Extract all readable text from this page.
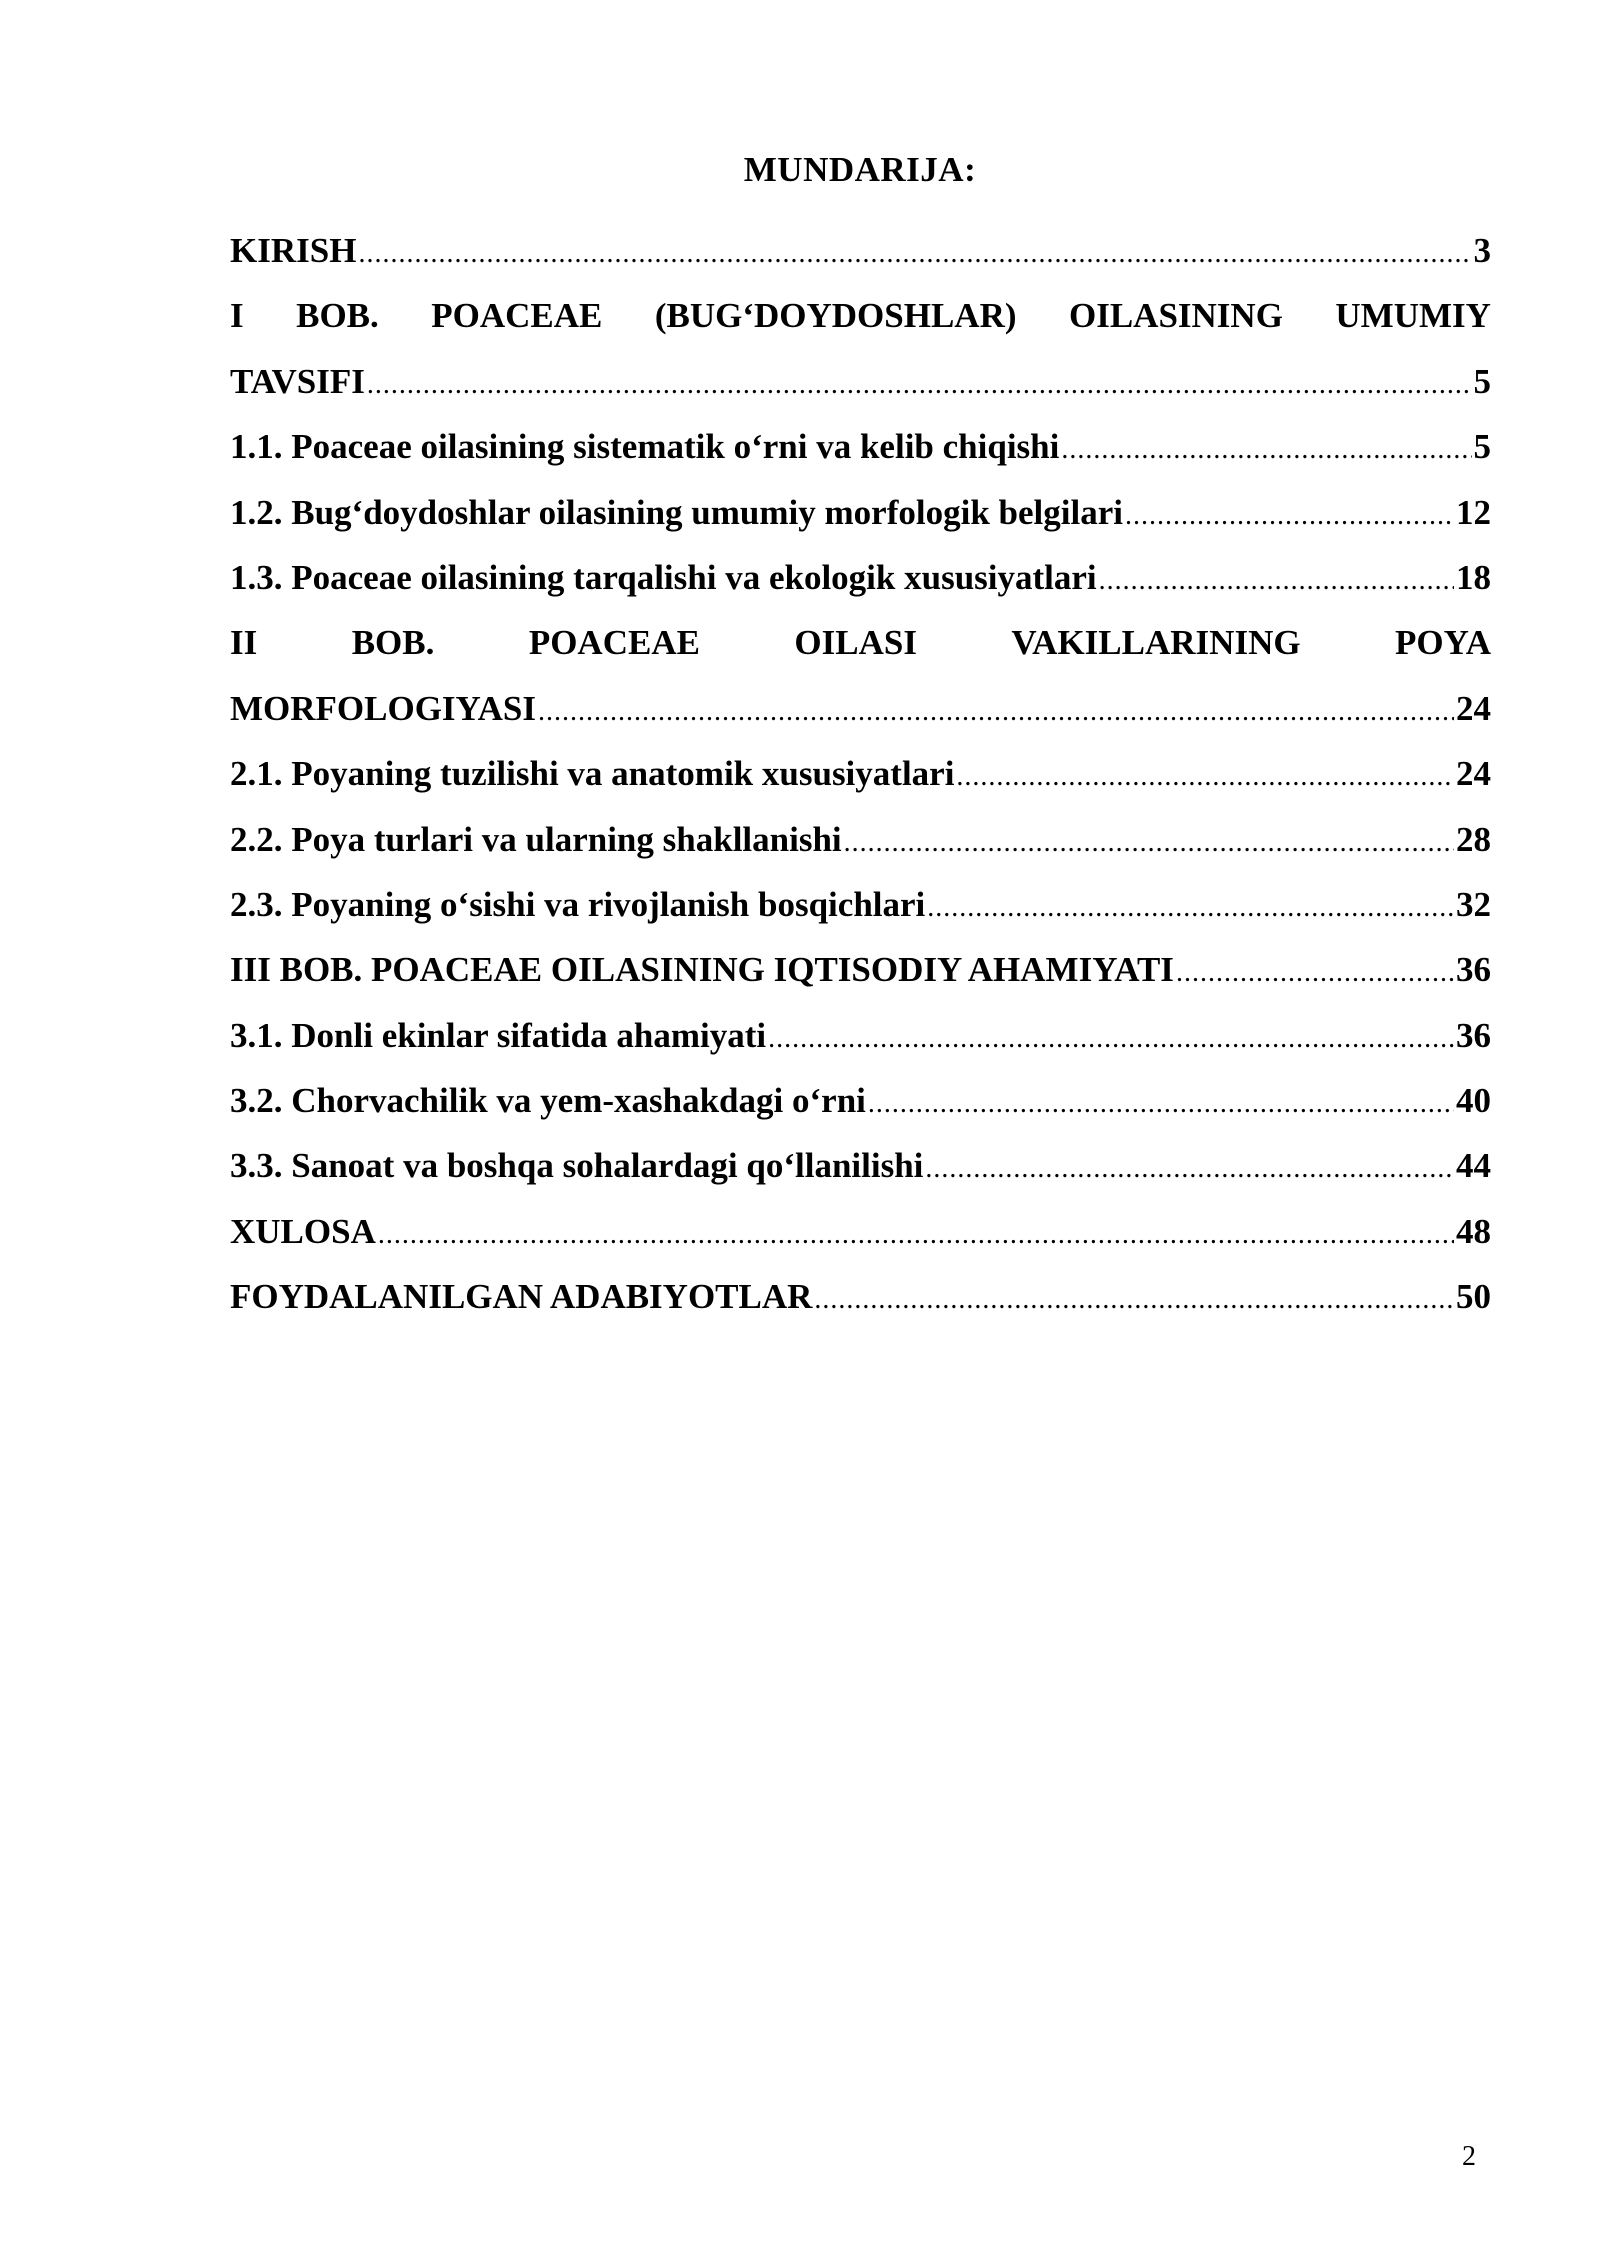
MUNDARIJA:
KIRISH .....	3
I BOB. POACEAE (BUG‘DOYDOSHLAR) OILASINING UMUMIY
TAVSIFI .....	5
1.1. Poaceae oilasining sistematik o‘rni va kelib chiqishi .....	5
1.2. Bug‘doydoshlar oilasining umumiy morfologik belgilari .....	12
1.3. Poaceae oilasining tarqalishi va ekologik xususiyatlari .....	18
II	BOB.	POACEAE	OILASI	VAKILLARINING	POYA
MORFOLOGIYASI .....	24
2.1. Poyaning tuzilishi va anatomik xususiyatlari .....	24
2.2. Poya turlari va ularning shakllanishi .....	28
2.3. Poyaning o‘sishi va rivojlanish bosqichlari .....	32
III BOB. POACEAE OILASINING IQTISODIY AHAMIYATI .....	36
3.1. Donli ekinlar sifatida ahamiyati .....	36
3.2. Chorvachilik va yem-xashakdagi o‘rni .....	40
3.3. Sanoat va boshqa sohalardagi qo‘llanilishi .....	44
XULOSA .....	48
FOYDALANILGAN ADABIYOTLAR .....	50
2
